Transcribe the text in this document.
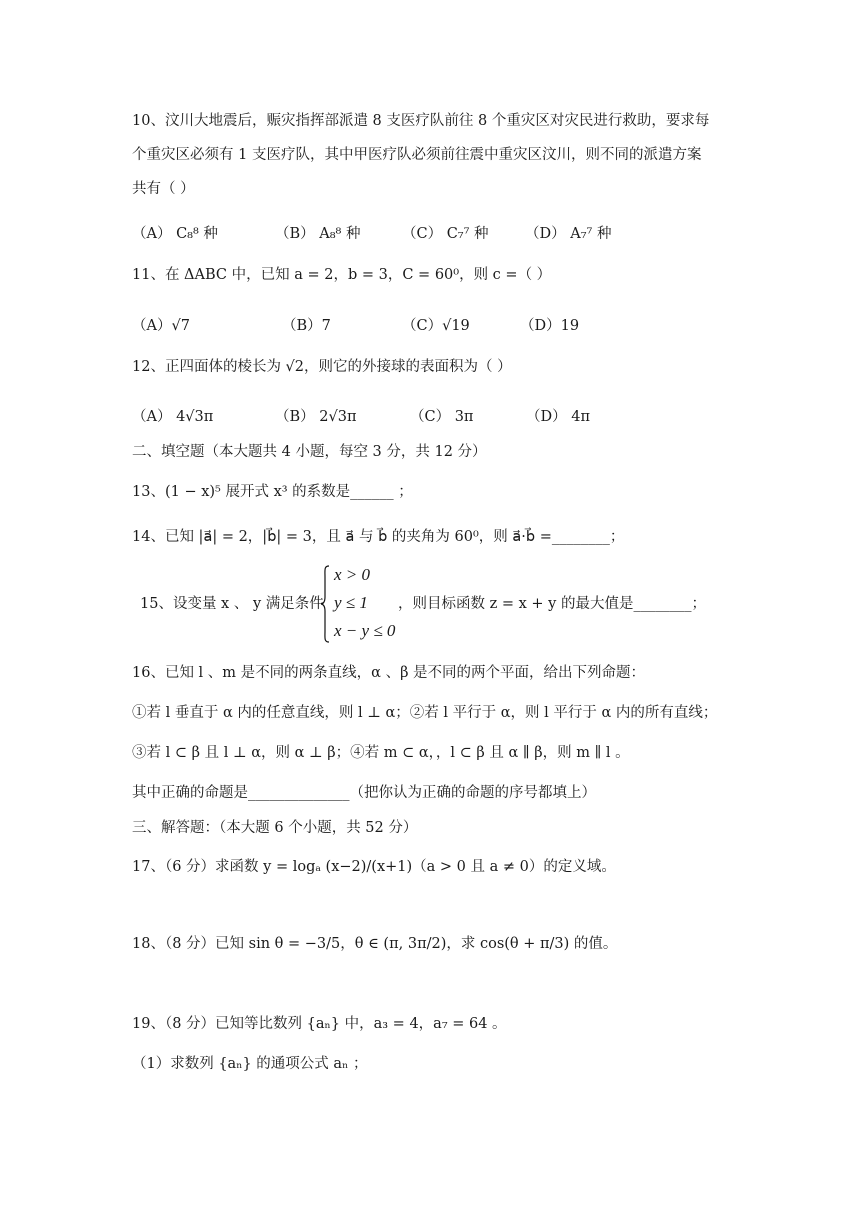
10、汶川大地震后，赈灾指挥部派遣 8 支医疗队前往 8 个重灾区对灾民进行救助，要求每
个重灾区必须有 1 支医疗队，其中甲医疗队必须前往震中重灾区汶川，则不同的派遣方案
共有（ ）
（A） C₈⁸ 种	（B） A₈⁸ 种	（C） C₇⁷ 种	（D） A₇⁷ 种
11、在 ΔABC 中，已知 a = 2，b = 3，C = 60⁰，则 c =（ ）
（A）√7	（B）7	（C）√19	（D）19
12、正四面体的棱长为 √2，则它的外接球的表面积为（ ）
（A） 4√3π	（B） 2√3π	（C） 3π	（D） 4π
二、填空题（本大题共 4 小题，每空 3 分，共 12 分）
13、(1 − x)⁵ 展开式 x³ 的系数是______ ；
14、已知 |a⃗| = 2，|b⃗| = 3，且 a⃗ 与 b⃗ 的夹角为 60⁰，则 a⃗·b⃗ =________；
15、设变量 x 、 y 满足条件
x > 0
y ≤ 1
x − y ≤ 0
，则目标函数 z = x + y 的最大值是________；
16、已知 l 、m 是不同的两条直线，α 、β 是不同的两个平面，给出下列命题：
①若 l 垂直于 α 内的任意直线，则 l ⊥ α；②若 l 平行于 α，则 l 平行于 α 内的所有直线；
③若 l ⊂ β 且 l ⊥ α，则 α ⊥ β；④若 m ⊂ α，，l ⊂ β 且 α ∥ β，则 m ∥ l 。
其中正确的命题是______________（把你认为正确的命题的序号都填上）
三、解答题：（本大题 6 个小题，共 52 分）
17、（6 分）求函数 y = logₐ (x−2)/(x+1)（a > 0 且 a ≠ 0）的定义域。
18、（8 分）已知 sin θ = −3/5，θ ∈ (π, 3π/2)，求 cos(θ + π/3) 的值。
19、（8 分）已知等比数列 {aₙ} 中，a₃ = 4，a₇ = 64 。
（1）求数列 {aₙ} 的通项公式 aₙ ；
